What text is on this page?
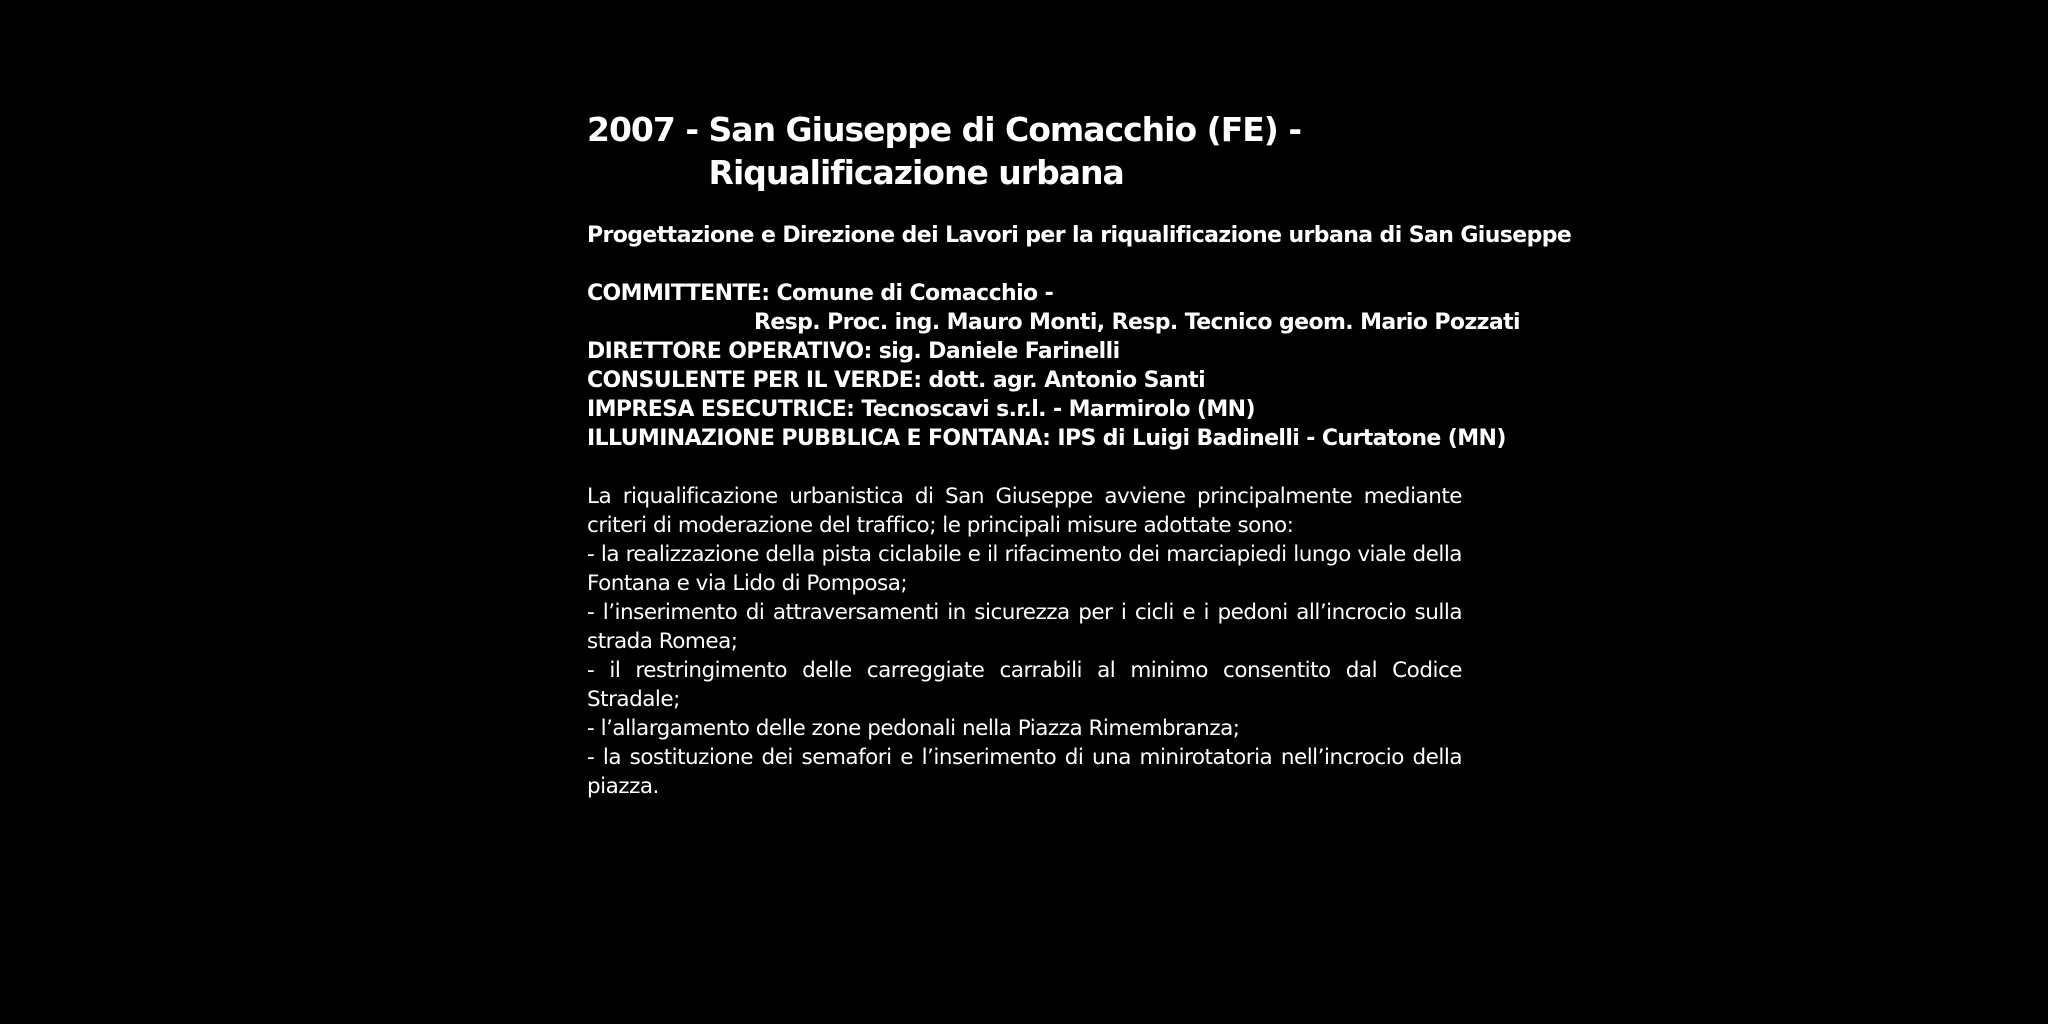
2007 - San Giuseppe di Comacchio (FE) -
Riqualificazione urbana
Progettazione e Direzione dei Lavori per la riqualificazione urbana di San Giuseppe
COMMITTENTE: Comune di Comacchio -
Resp. Proc. ing. Mauro Monti, Resp. Tecnico geom. Mario Pozzati
DIRETTORE OPERATIVO: sig. Daniele Farinelli
CONSULENTE PER IL VERDE: dott. agr. Antonio Santi
IMPRESA ESECUTRICE: Tecnoscavi s.r.l. - Marmirolo (MN)
ILLUMINAZIONE PUBBLICA E FONTANA: IPS di Luigi Badinelli - Curtatone (MN)

La riqualificazione urbanistica di San Giuseppe avviene principalmente mediante criteri di moderazione del traffico; le principali misure adottate sono:

- la realizzazione della pista ciclabile e il rifacimento dei marciapiedi lungo viale della Fontana e via Lido di Pomposa;

- l’inserimento di attraversamenti in sicurezza per i cicli e i pedoni all’incrocio sulla strada Romea;

- il restringimento delle carreggiate carrabili al minimo consentito dal Codice Stradale;

- l’allargamento delle zone pedonali nella Piazza Rimembranza;

- la sostituzione dei semafori e l’inserimento di una minirotatoria nell’incrocio della piazza.
